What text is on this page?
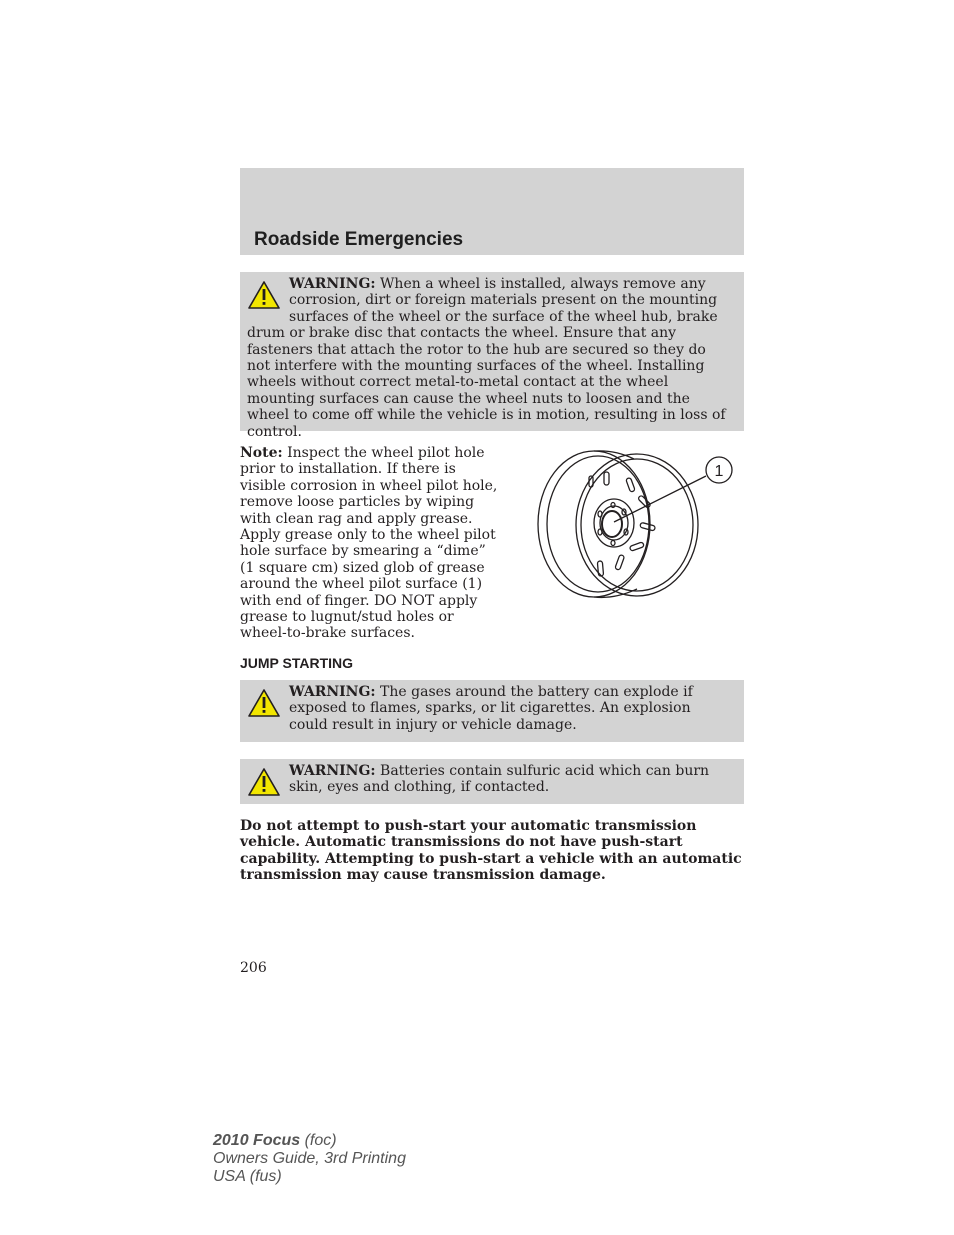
Roadside Emergencies
WARNING: When a wheel is installed, always remove any corrosion, dirt or foreign materials present on the mounting surfaces of the wheel or the surface of the wheel hub, brake drum or brake disc that contacts the wheel. Ensure that any fasteners that attach the rotor to the hub are secured so they do not interfere with the mounting surfaces of the wheel. Installing wheels without correct metal-to-metal contact at the wheel mounting surfaces can cause the wheel nuts to loosen and the wheel to come off while the vehicle is in motion, resulting in loss of control.

Note: Inspect the wheel pilot hole prior to installation. If there is visible corrosion in wheel pilot hole, remove loose particles by wiping with clean rag and apply grease. Apply grease only to the wheel pilot hole surface by smearing a “dime” (1 square cm) sized glob of grease around the wheel pilot surface (1) with end of finger. DO NOT apply grease to lugnut/stud holes or wheel-to-brake surfaces.

1
JUMP STARTING
WARNING: The gases around the battery can explode if exposed to flames, sparks, or lit cigarettes. An explosion could result in injury or vehicle damage.
WARNING: Batteries contain sulfuric acid which can burn skin, eyes and clothing, if contacted.

Do not attempt to push-start your automatic transmission vehicle. Automatic transmissions do not have push-start capability. Attempting to push-start a vehicle with an automatic transmission may cause transmission damage.

206

2010 Focus (foc)
Owners Guide, 3rd Printing
USA (fus)
